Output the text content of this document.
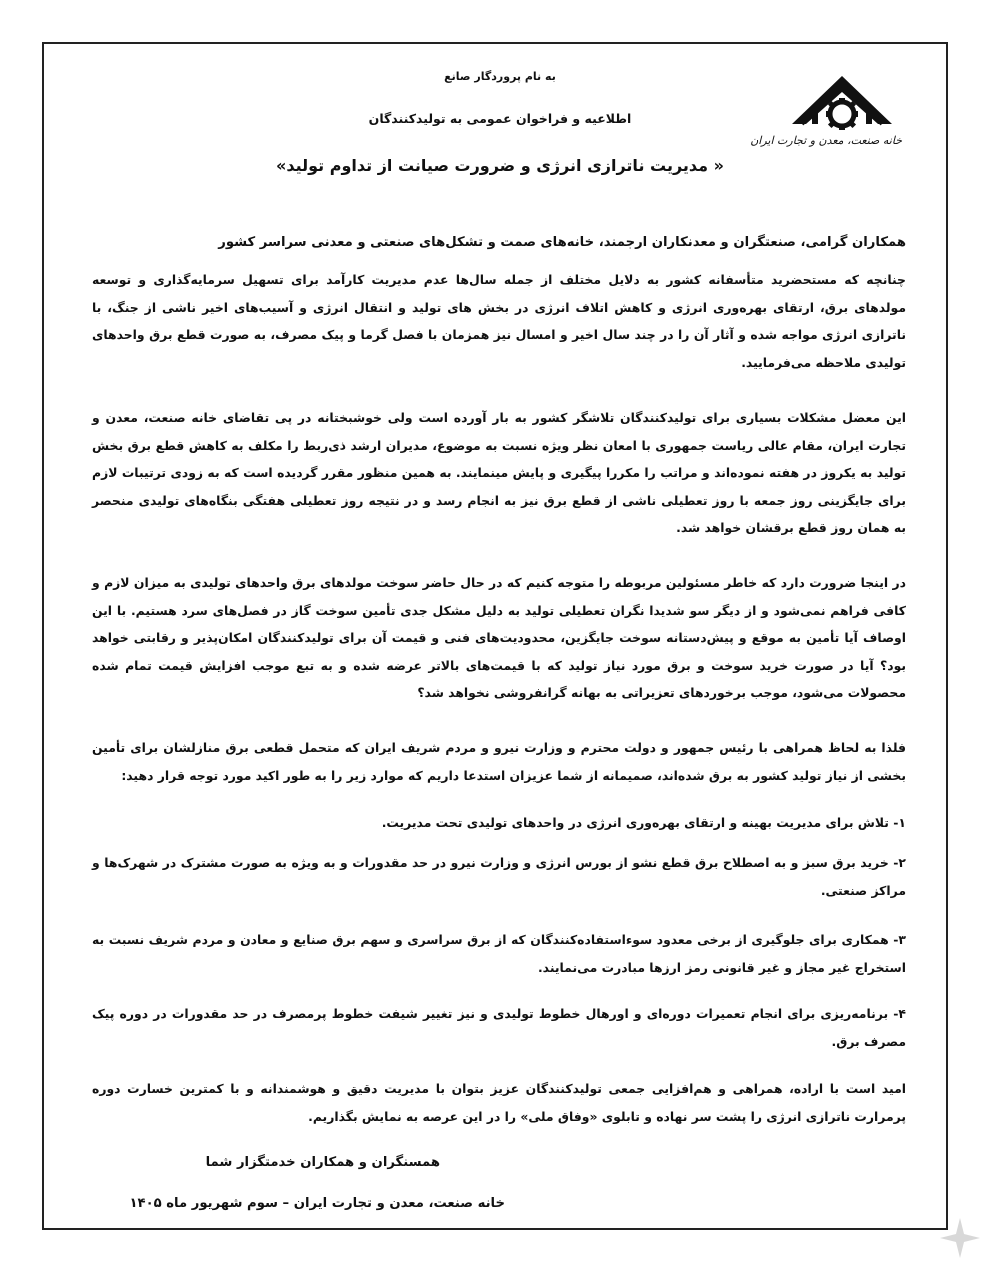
خانه صنعت، معدن و تجارت ایران
به نام پروردگار صانع
اطلاعیه و فراخوان عمومی به تولیدکنندگان
« مدیریت ناترازی انرژی و ضرورت صیانت از تداوم تولید»
همکاران گرامی، صنعتگران و معدنکاران ارجمند، خانه‌های صمت و تشکل‌های صنعتی و معدنی سراسر کشور
چنانچه که مستحضرید متأسفانه کشور به دلایل مختلف از جمله سال‌ها عدم مدیریت کارآمد برای تسهیل سرمایه‌گذاری و توسعه مولدهای برق، ارتقای بهره‌وری انرژی و کاهش اتلاف انرژی در بخش های تولید و انتقال انرژی و آسیب‌های اخیر ناشی از جنگ، با ناترازی انرژی مواجه شده و آثار آن را در چند سال اخیر و امسال نیز همزمان با فصل گرما و پیک مصرف، به صورت قطع برق واحدهای تولیدی ملاحظه می‌فرمایید.
این معضل مشکلات بسیاری برای تولیدکنندگان تلاشگر کشور به بار آورده است ولی خوشبختانه در پی تقاضای خانه صنعت، معدن و تجارت ایران، مقام عالی ریاست جمهوری با امعان نظر ویژه نسبت به موضوع، مدیران ارشد ذی‌ربط را مکلف به کاهش قطع برق بخش تولید به یکروز در هفته نموده‌اند و مراتب را مکررا پیگیری و پایش مینمایند. به همین منظور مقرر گردیده است که به زودی ترتیبات لازم برای جایگزینی روز جمعه با روز تعطیلی ناشی از قطع برق نیز به انجام رسد و در نتیجه روز تعطیلی هفتگی بنگاه‌های تولیدی منحصر به همان روز قطع برقشان خواهد شد.
در اینجا ضرورت دارد که خاطر مسئولین مربوطه را متوجه کنیم که در حال حاضر سوخت مولدهای برق واحدهای تولیدی به میزان لازم و کافی فراهم نمی‌شود و از دیگر سو شدیدا نگران تعطیلی تولید به دلیل مشکل جدی تأمین سوخت گاز در فصل‌های سرد هستیم. با این اوصاف آیا تأمین به موقع و پیش‌دستانه سوخت جایگزین، محدودیت‌های فنی و قیمت آن برای تولیدکنندگان امکان‌پذیر و رقابتی خواهد بود؟ آیا در صورت خرید سوخت و برق مورد نیاز تولید که با قیمت‌های بالاتر عرضه شده و به تبع موجب افزایش قیمت تمام شده محصولات می‌شود، موجب برخوردهای تعزیراتی به بهانه گرانفروشی نخواهد شد؟
فلذا به لحاظ همراهی با رئیس جمهور و دولت محترم و وزارت نیرو و مردم شریف ایران که متحمل قطعی برق منازلشان برای تأمین بخشی از نیاز تولید کشور به برق شده‌اند، صمیمانه از شما عزیزان استدعا داریم که موارد زیر را به طور اکید مورد توجه قرار دهید:
۱- تلاش برای مدیریت بهینه و ارتقای بهره‌وری انرژی در واحدهای تولیدی تحت مدیریت.
۲- خرید برق سبز و به اصطلاح برق قطع نشو از بورس انرژی و وزارت نیرو در حد مقدورات و به ویژه به صورت مشترک در شهرک‌ها و مراکز صنعتی.
۳- همکاری برای جلوگیری از برخی معدود سوءاستفاده‌کنندگان که از برق سراسری و سهم برق صنایع و معادن و مردم شریف نسبت به استخراج غیر مجاز و غیر قانونی رمز ارزها مبادرت می‌نمایند.
۴- برنامه‌ریزی برای انجام تعمیرات دوره‌ای و اورهال خطوط تولیدی و نیز تغییر شیفت خطوط پرمصرف در حد مقدورات در دوره پیک مصرف برق.
امید است با اراده، همراهی و هم‌افزایی جمعی تولیدکنندگان عزیز بتوان با مدیریت دقیق و هوشمندانه و با کمترین خسارت دوره پرمرارت ناترازی انرژی را پشت سر نهاده و تابلوی «وفاق ملی» را در این عرصه به نمایش بگذاریم.
همسنگران و همکاران خدمتگزار شما
خانه صنعت، معدن و تجارت ایران – سوم شهریور ماه ۱۴۰۵
